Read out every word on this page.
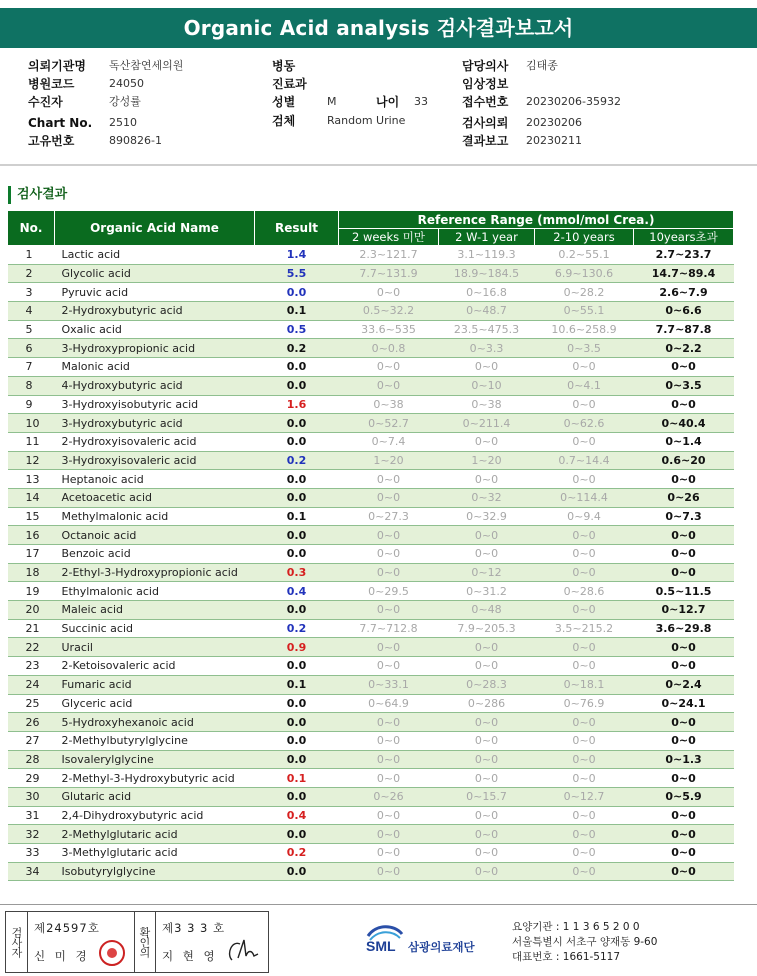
Organic Acid analysis 검사결과보고서
의뢰기관명 독산참연세의원
병원코드	24050
수진자	강성률
Chart No. 2510
고유번호	890826-1
병동
진료과
성별	M	나이 33
검체	Random Urine
담당의사 김태종
임상정보
접수번호 20230206-35932
검사의뢰 20230206
결과보고 20230211
검사결과
No.	Organic Acid Name	Result	Reference Range (mmol/mol Crea.)			
			2 weeks 미만	2 W-1 year	2-10 years	10years초과
1	Lactic acid	1.4	2.3~121.7	3.1~119.3	0.2~55.1	2.7~23.7
2	Glycolic acid	5.5	7.7~131.9	18.9~184.5	6.9~130.6	14.7~89.4
3	Pyruvic acid	0.0	0~0	0~16.8	0~28.2	2.6~7.9
4	2-Hydroxybutyric acid	0.1	0.5~32.2	0~48.7	0~55.1	0~6.6
5	Oxalic acid	0.5	33.6~535	23.5~475.3	10.6~258.9	7.7~87.8
6	3-Hydroxypropionic acid	0.2	0~0.8	0~3.3	0~3.5	0~2.2
7	Malonic acid	0.0	0~0	0~0	0~0	0~0
8	4-Hydroxybutyric acid	0.0	0~0	0~10	0~4.1	0~3.5
9	3-Hydroxyisobutyric acid	1.6	0~38	0~38	0~0	0~0
10	3-Hydroxybutyric acid	0.0	0~52.7	0~211.4	0~62.6	0~40.4
11	2-Hydroxyisovaleric acid	0.0	0~7.4	0~0	0~0	0~1.4
12	3-Hydroxyisovaleric acid	0.2	1~20	1~20	0.7~14.4	0.6~20
13	Heptanoic acid	0.0	0~0	0~0	0~0	0~0
14	Acetoacetic acid	0.0	0~0	0~32	0~114.4	0~26
15	Methylmalonic acid	0.1	0~27.3	0~32.9	0~9.4	0~7.3
16	Octanoic acid	0.0	0~0	0~0	0~0	0~0
17	Benzoic acid	0.0	0~0	0~0	0~0	0~0
18	2-Ethyl-3-Hydroxypropionic acid	0.3	0~0	0~12	0~0	0~0
19	Ethylmalonic acid	0.4	0~29.5	0~31.2	0~28.6	0.5~11.5
20	Maleic acid	0.0	0~0	0~48	0~0	0~12.7
21	Succinic acid	0.2	7.7~712.8	7.9~205.3	3.5~215.2	3.6~29.8
22	Uracil	0.9	0~0	0~0	0~0	0~0
23	2-Ketoisovaleric acid	0.0	0~0	0~0	0~0	0~0
24	Fumaric acid	0.1	0~33.1	0~28.3	0~18.1	0~2.4
25	Glyceric acid	0.0	0~64.9	0~286	0~76.9	0~24.1
26	5-Hydroxyhexanoic acid	0.0	0~0	0~0	0~0	0~0
27	2-Methylbutyrylglycine	0.0	0~0	0~0	0~0	0~0
28	Isovalerylglycine	0.0	0~0	0~0	0~0	0~1.3
29	2-Methyl-3-Hydroxybutyric acid	0.1	0~0	0~0	0~0	0~0
30	Glutaric acid	0.0	0~26	0~15.7	0~12.7	0~5.9
31	2,4-Dihydroxybutyric acid	0.4	0~0	0~0	0~0	0~0
32	2-Methylglutaric acid	0.0	0~0	0~0	0~0	0~0
33	3-Methylglutaric acid	0.2	0~0	0~0	0~0	0~0
34	Isobutyrylglycine	0.0	0~0	0~0	0~0	0~0
검사자 제24597호
신 미 경	확인의 제3 3 3 호
지 현 영
SML 삼광의료재단
요양기관 : 1 1 3 6 5 2 0 0
서울특별시 서초구 양재동 9-60
대표번호 : 1661-5117
